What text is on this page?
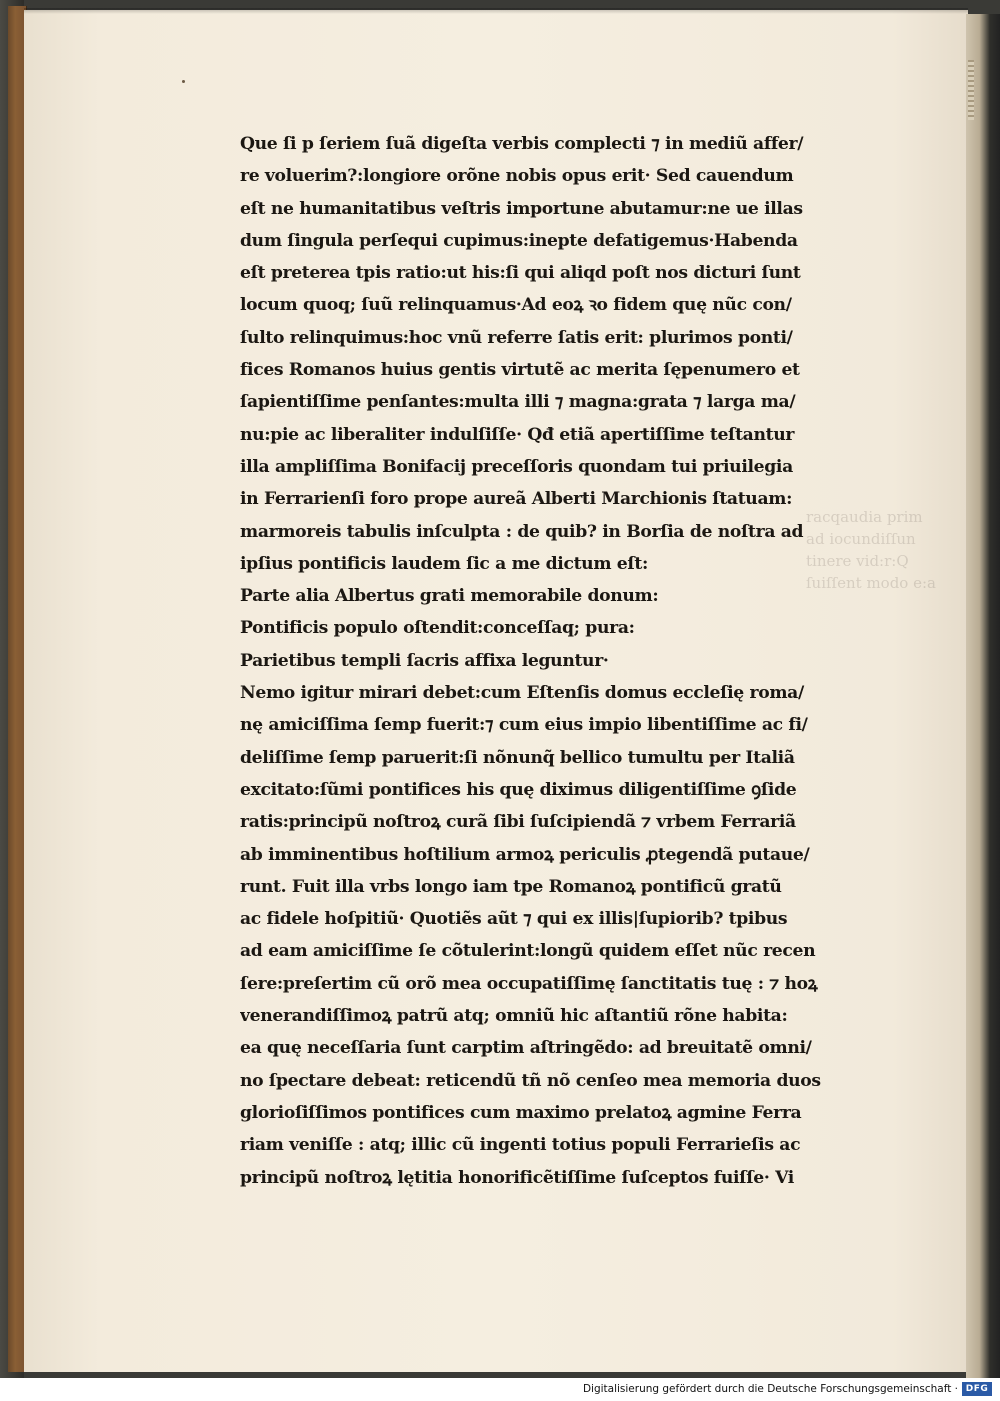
racqaudia prim
ad iocundiſſun
tinere vid:r:Q
ſuiſſent modo e:a
Que ſi p ſeriem ſuã digeſta verbis complecti ⁊ in mediũ affer/
re voluerim?:longiore orõne nobis opus erit· Sed cauendum
eſt ne humanitatibus veſtris importune abutamur:ne ue illas
dum ſingula perſequi cupimus:inepte defatigemus·Habenda
eſt preterea tpis ratio:ut his:ſi qui aliqd poſt nos dicturi ſunt
locum quoq; ſuũ relinquamus·Ad eoꝝ ꝛo fidem quę nũc con/
ſulto relinquimus:hoc vnũ referre ſatis erit: plurimos ponti/
fices Romanos huius gentis virtutẽ ac merita ſępenumero et
ſapientiſſime penſantes:multa illi ⁊ magna:grata ⁊ larga ma/
nu:pie ac liberaliter indulſiſſe· Qđ etiã apertiſſime teſtantur
illa ampliſſima Bonifacij preceſſoris quondam tui priuilegia
in Ferrarienſi foro prope aureã Alberti Marchionis ſtatuam:
marmoreis tabulis inſculpta : de quib? in Borſia de noſtra ad
ipſius pontificis laudem ſic a me dictum eſt:
Parte alia Albertus grati memorabile donum:
Pontificis populo oſtendit:conceſſaq; pura:
Parietibus templi ſacris affixa leguntur·
Nemo igitur mirari debet:cum Eſtenſis domus eccleſię roma/
nę amiciſſima ſemp fuerit:⁊ cum eius impio libentiſſime ac fi/
deliſſime ſemp paruerit:ſi nõnunq̃ bellico tumultu per Italiã
excitato:ſũmi pontifices his quę diximus diligentiſſime ꝯſide
ratis:principũ noſtroꝝ curã ſibi ſuſcipiendã ⁊ vrbem Ferrariã
ab imminentibus hoſtilium armoꝝ periculis ꝓtegendã putaue/
runt. Fuit illa vrbs longo iam tpe Romanoꝝ pontificũ gratũ
ac fidele hoſpitiũ· Quotiẽs aũt ⁊ qui ex illis|ſupiorib? tpibus
ad eam amiciſſime ſe cõtulerint:longũ quidem eſſet nũc recen
ſere:preſertim cũ orõ mea occupatiſſimę ſanctitatis tuę : ⁊ hoꝝ
venerandiſſimoꝝ patrũ atq; omniũ hic aſtantiũ rõne habita:
ea quę neceſſaria ſunt carptim aſtringẽdo: ad breuitatẽ omni/
no ſpectare debeat: reticendũ tñ nõ cenſeo mea memoria duos
glorioſiſſimos pontifices cum maximo prelatoꝝ agmine Ferra
riam veniſſe : atq; illic cũ ingenti totius populi Ferrarieſis ac
principũ noſtroꝝ lętitia honorificẽtiſſime ſuſceptos fuiſſe· Vi
Digitalisierung gefördert durch die Deutsche Forschungsgemeinschaft · DFG
